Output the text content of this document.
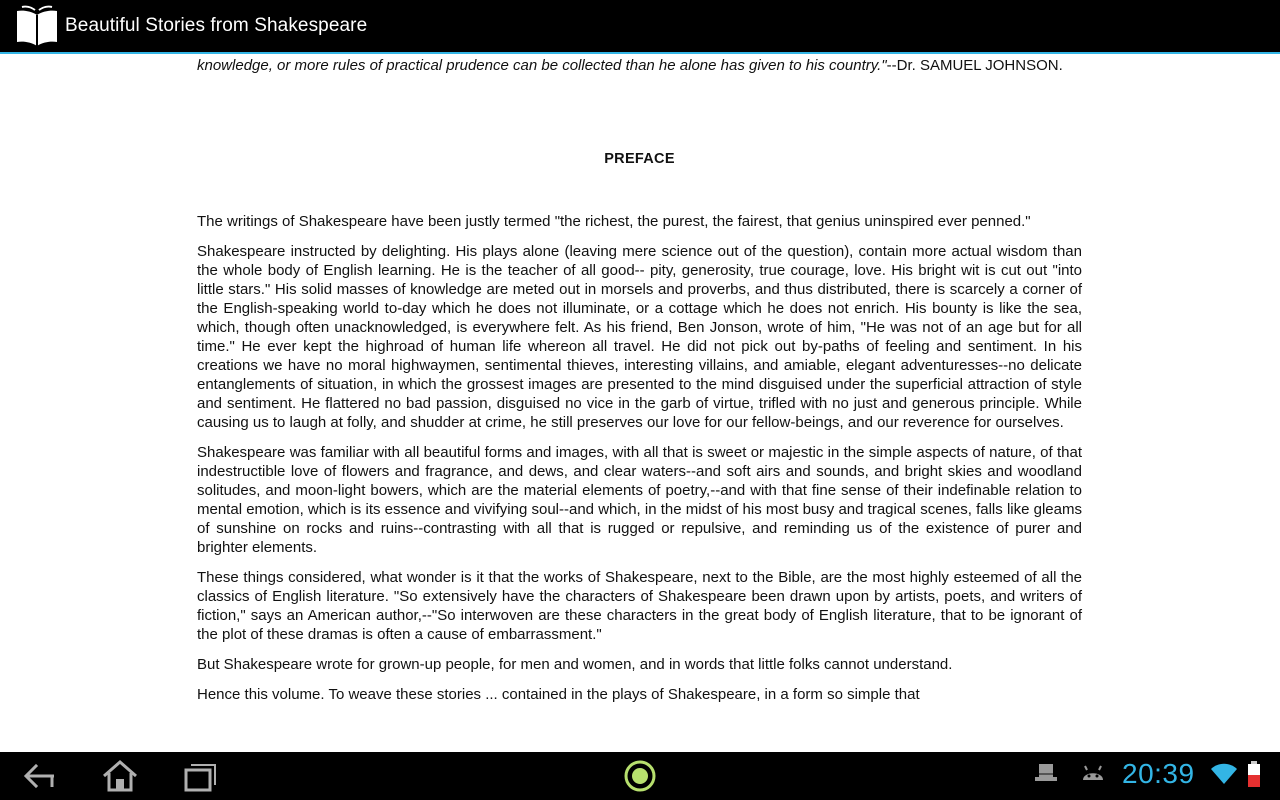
Beautiful Stories from Shakespeare

knowledge, or more rules of practical prudence can be collected than he alone has given to his country."--Dr. SAMUEL JOHNSON.

PREFACE

The writings of Shakespeare have been justly termed "the richest, the purest, the fairest, that genius uninspired ever penned."

Shakespeare instructed by delighting. His plays alone (leaving mere science out of the question), contain more actual wisdom than the whole body of English learning. He is the teacher of all good-- pity, generosity, true courage, love. His bright wit is cut out "into little stars." His solid masses of knowledge are meted out in morsels and proverbs, and thus distributed, there is scarcely a corner of the English-speaking world to-day which he does not illuminate, or a cottage which he does not enrich. His bounty is like the sea, which, though often unacknowledged, is everywhere felt. As his friend, Ben Jonson, wrote of him, "He was not of an age but for all time." He ever kept the highroad of human life whereon all travel. He did not pick out by-paths of feeling and sentiment. In his creations we have no moral highwaymen, sentimental thieves, interesting villains, and amiable, elegant adventuresses--no delicate entanglements of situation, in which the grossest images are presented to the mind disguised under the superficial attraction of style and sentiment. He flattered no bad passion, disguised no vice in the garb of virtue, trifled with no just and generous principle. While causing us to laugh at folly, and shudder at crime, he still preserves our love for our fellow-beings, and our reverence for ourselves.

Shakespeare was familiar with all beautiful forms and images, with all that is sweet or majestic in the simple aspects of nature, of that indestructible love of flowers and fragrance, and dews, and clear waters--and soft airs and sounds, and bright skies and woodland solitudes, and moon-light bowers, which are the material elements of poetry,--and with that fine sense of their indefinable relation to mental emotion, which is its essence and vivifying soul--and which, in the midst of his most busy and tragical scenes, falls like gleams of sunshine on rocks and ruins--contrasting with all that is rugged or repulsive, and reminding us of the existence of purer and brighter elements.

These things considered, what wonder is it that the works of Shakespeare, next to the Bible, are the most highly esteemed of all the classics of English literature. "So extensively have the characters of Shakespeare been drawn upon by artists, poets, and writers of fiction," says an American author,--"So interwoven are these characters in the great body of English literature, that to be ignorant of the plot of these dramas is often a cause of embarrassment."

But Shakespeare wrote for grown-up people, for men and women, and in words that little folks cannot understand.

Hence this volume. To weave these stories ... contained in the plays of Shakespeare, in a form so simple that

20:39
